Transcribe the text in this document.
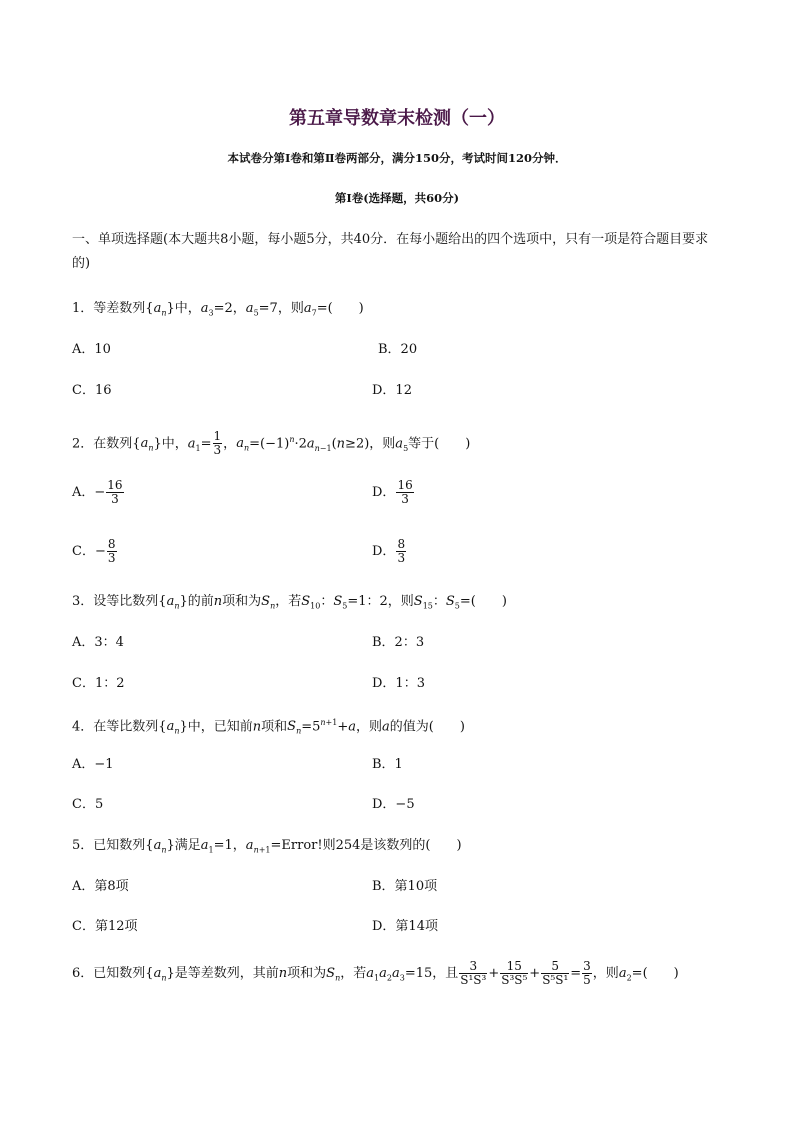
第五章导数章末检测（一）
本试卷分第Ⅰ卷和第Ⅱ卷两部分，满分150分，考试时间120分钟．
第Ⅰ卷(选择题，共60分)
一、单项选择题(本大题共8小题，每小题5分，共40分．在每小题给出的四个选项中，只有一项是符合题目要求的)
1．等差数列$\{a_n\}$中，$a_3=2$，$a_5=7$，则$a_7=$(　　)
A．10	B．20
C．16	D．12
2．在数列$\{a_n\}$中，$a_1= \frac{1}{3}$ ，$a_n=(-1)^n\cdot 2a_{n-1}(n\ge 2)$，则$a_5$等于(　　)
A．− $\frac{16}{3}$	D． $\frac{16}{3}$
C．− $\frac{8}{3}$	D． $\frac{8}{3}$
3．设等比数列$\{a_n\}$的前n项和为$S_n$，若$S_{10}$：$S_5=1$：2，则$S_{15}$：$S_5=$(　　)
A．3：4	B．2：3
C．1：2	D．1：3
4．在等比数列$\{a_n\}$中，已知前n项和$S_n=5^{n+1}+a$，则a的值为(　　)
A．−1	B．1
C．5	D．−5
5．已知数列$\{a_n\}$满足$a_1=1$，$a_{n+1}=Error$!则254是该数列的(　　)
A．第8项	B．第10项
C．第12项	D．第14项
6．已知数列$\{a_n\}$是等差数列，其前n项和为$S_n$，若$a_1a_2a_3=15$，且 $\frac{3}{\text{S¹S³}} + \frac{15}{\text{S³S⁵}} + \frac{5}{\text{S⁵S¹}} = \frac{3}{5}$ ，则$a_2=$(　　)
